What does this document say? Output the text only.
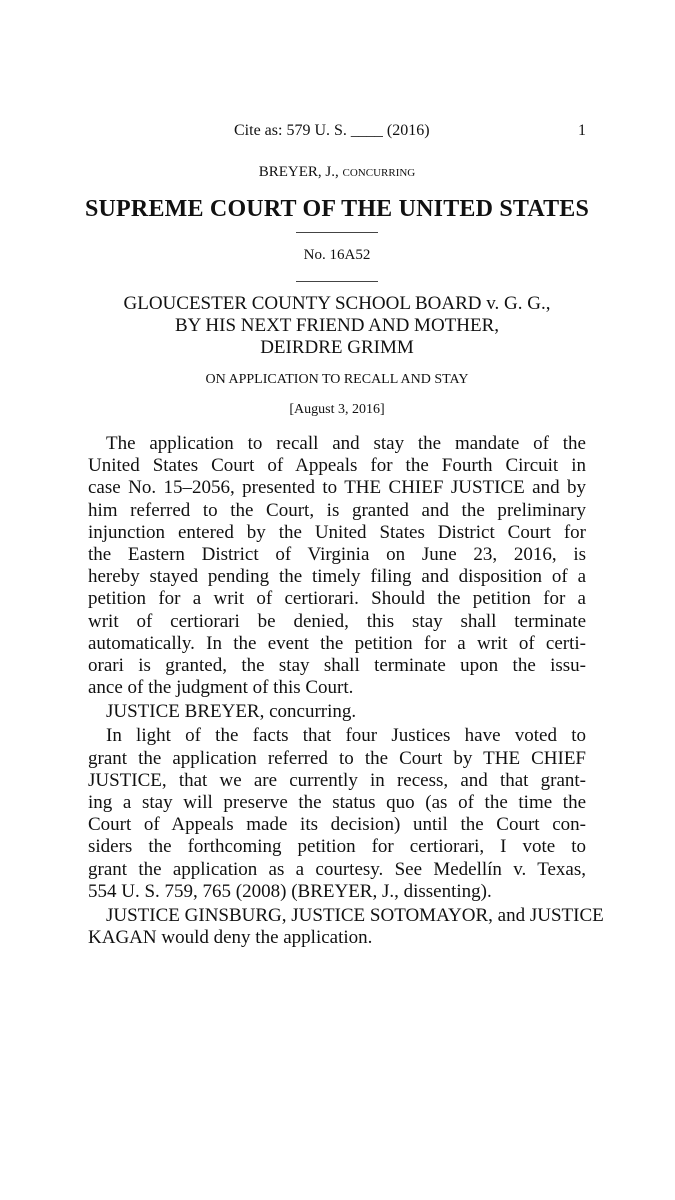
Cite as: 579 U. S. ____ (2016)	1
BREYER, J., concurring
SUPREME COURT OF THE UNITED STATES
No. 16A52
GLOUCESTER COUNTY SCHOOL BOARD v. G. G.,
BY HIS NEXT FRIEND AND MOTHER,
DEIRDRE GRIMM
ON APPLICATION TO RECALL AND STAY
[August 3, 2016]
The application to recall and stay the mandate of the
United States Court of Appeals for the Fourth Circuit in
case No. 15–2056, presented to THE CHIEF JUSTICE and by
him referred to the Court, is granted and the preliminary
injunction entered by the United States District Court for
the Eastern District of Virginia on June 23, 2016, is
hereby stayed pending the timely filing and disposition of a
petition for a writ of certiorari. Should the petition for a
writ of certiorari be denied, this stay shall terminate
automatically. In the event the petition for a writ of certi-
orari is granted, the stay shall terminate upon the issu-
ance of the judgment of this Court.
JUSTICE BREYER, concurring.
In light of the facts that four Justices have voted to
grant the application referred to the Court by THE CHIEF
JUSTICE, that we are currently in recess, and that grant-
ing a stay will preserve the status quo (as of the time the
Court of Appeals made its decision) until the Court con-
siders the forthcoming petition for certiorari, I vote to
grant the application as a courtesy. See Medellín v. Texas,
554 U. S. 759, 765 (2008) (BREYER, J., dissenting).
JUSTICE GINSBURG, JUSTICE SOTOMAYOR, and JUSTICE
KAGAN would deny the application.
